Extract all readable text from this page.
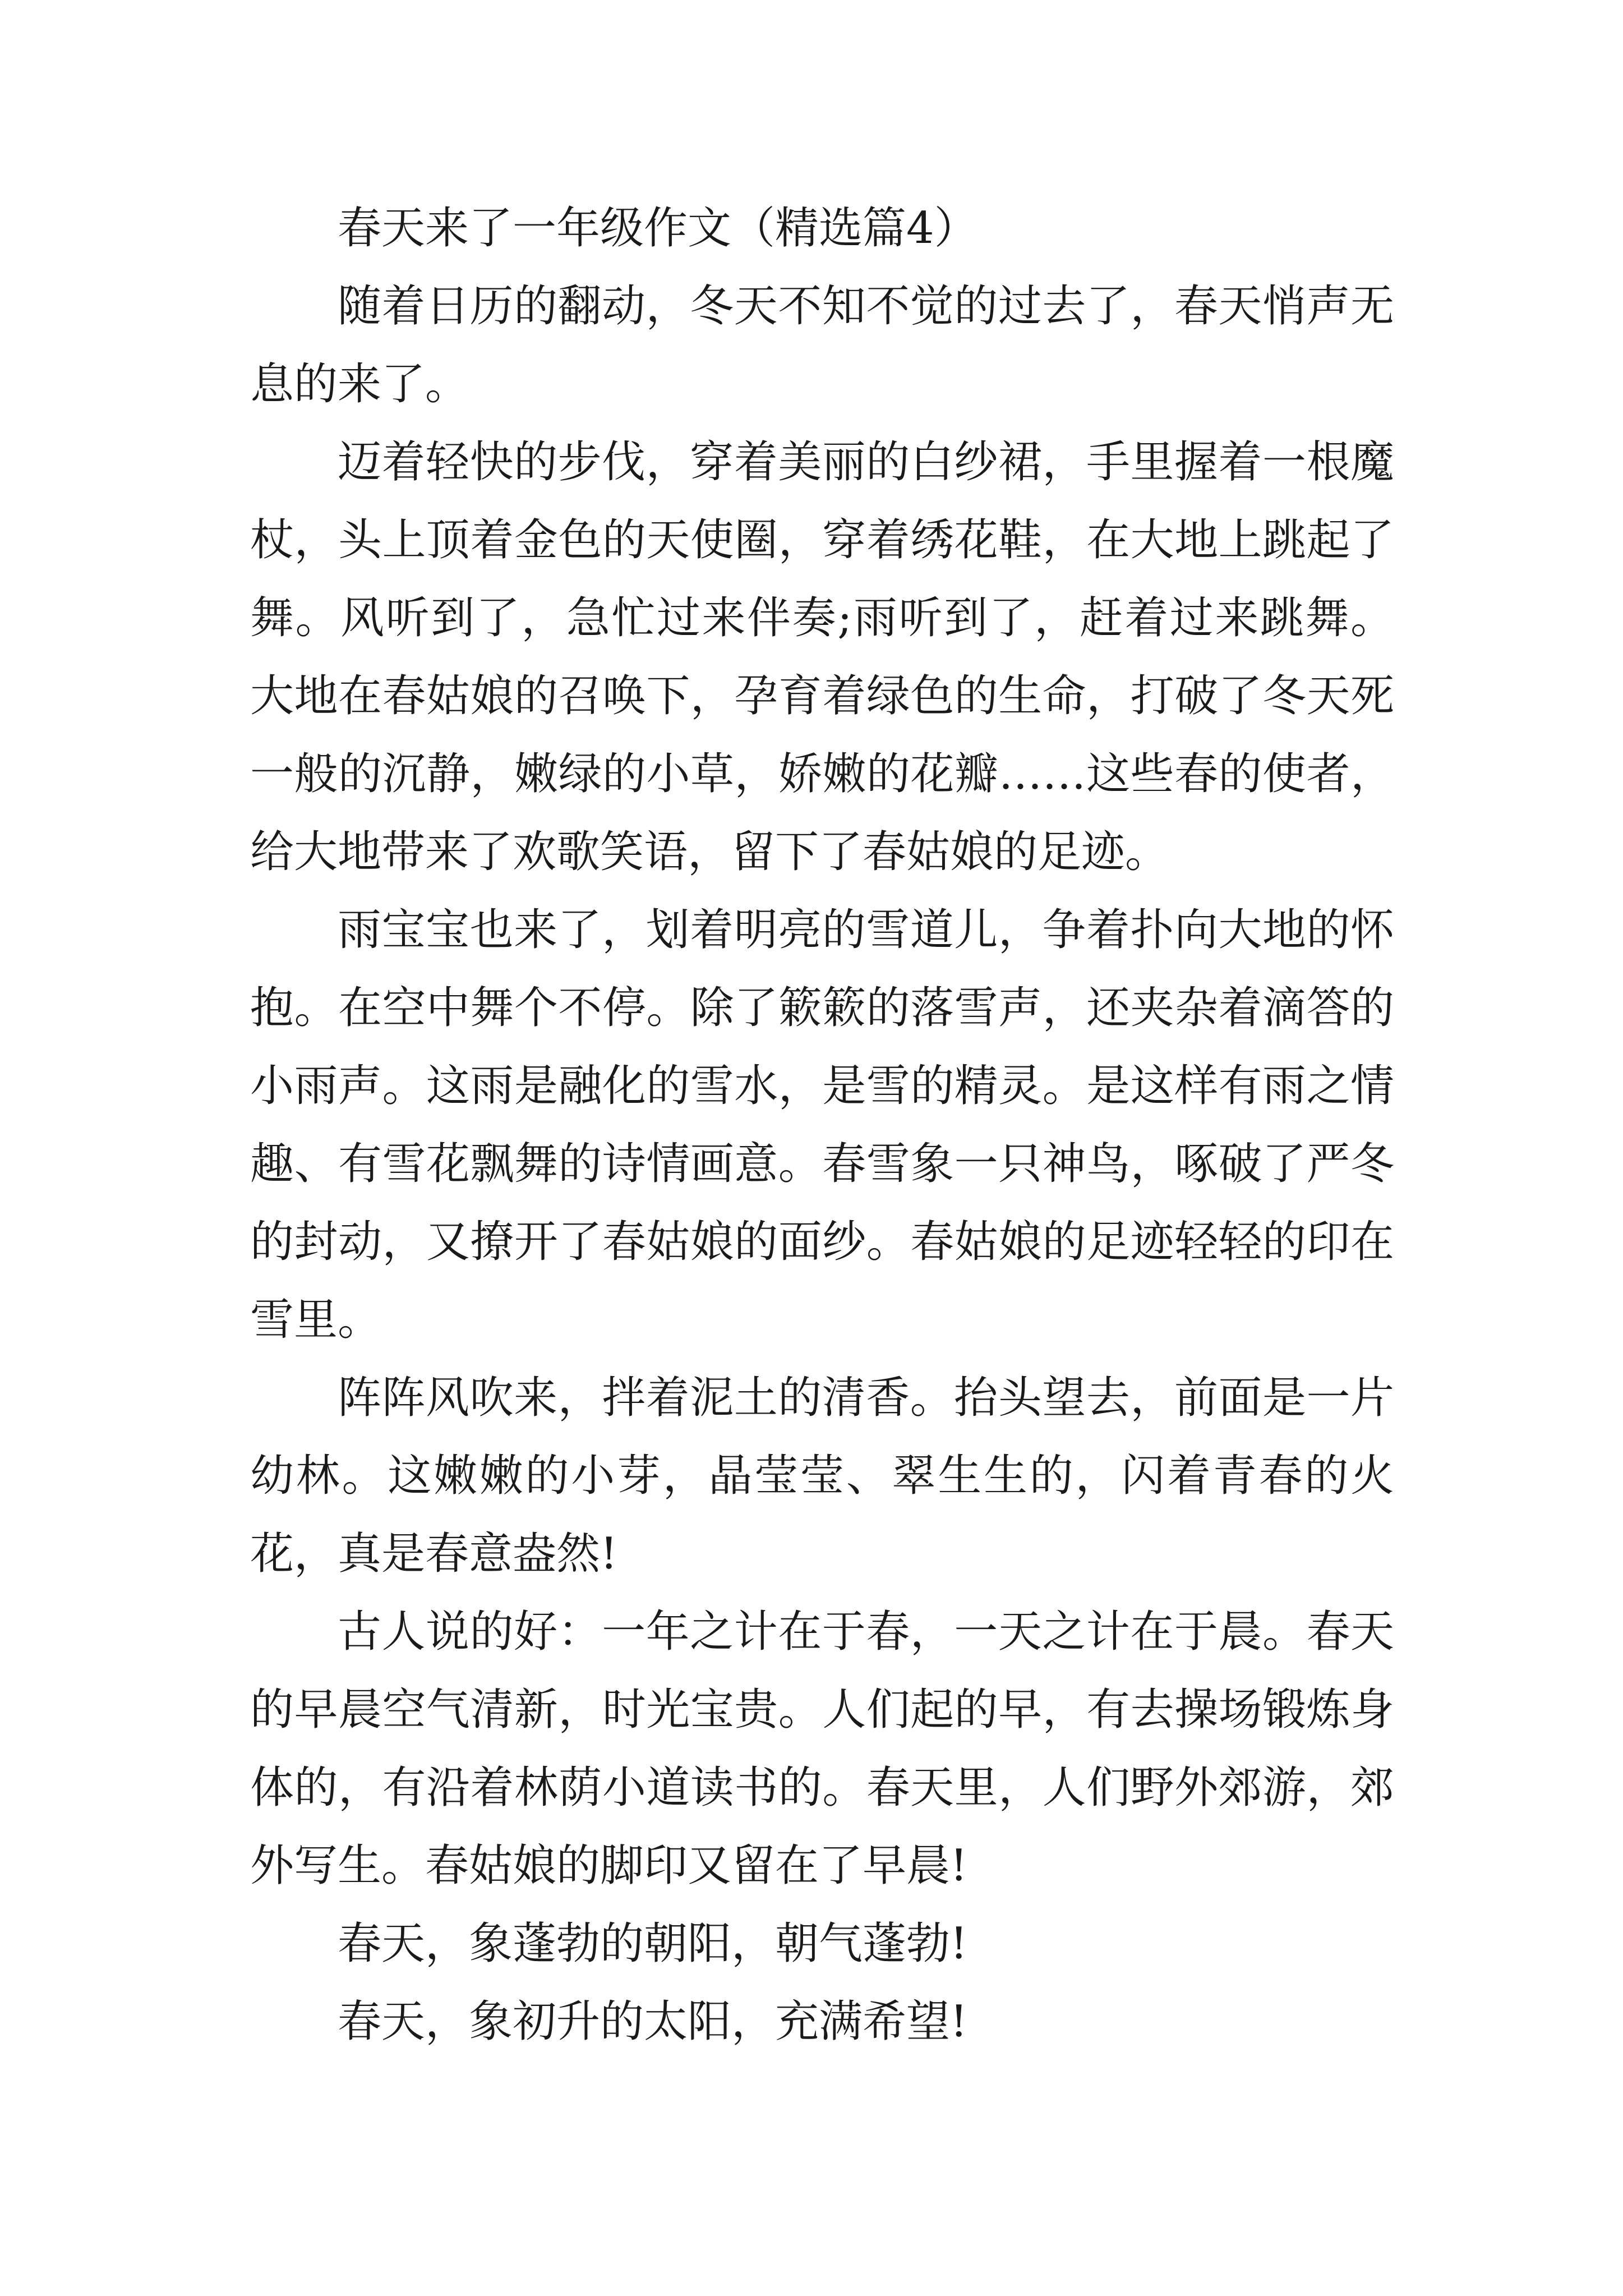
春天来了一年级作文（精选篇4）

随着日历的翻动，冬天不知不觉的过去了，春天悄声无息的来了。

迈着轻快的步伐，穿着美丽的白纱裙，手里握着一根魔杖，头上顶着金色的天使圈，穿着绣花鞋，在大地上跳起了舞。风听到了，急忙过来伴奏;雨听到了，赶着过来跳舞。大地在春姑娘的召唤下，孕育着绿色的生命，打破了冬天死一般的沉静，嫩绿的小草，娇嫩的花瓣……这些春的使者，给大地带来了欢歌笑语，留下了春姑娘的足迹。

雨宝宝也来了，划着明亮的雪道儿，争着扑向大地的怀抱。在空中舞个不停。除了簌簌的落雪声，还夹杂着滴答的小雨声。这雨是融化的雪水，是雪的精灵。是这样有雨之情趣、有雪花飘舞的诗情画意。春雪象一只神鸟，啄破了严冬的封动，又撩开了春姑娘的面纱。春姑娘的足迹轻轻的印在雪里。

阵阵风吹来，拌着泥土的清香。抬头望去，前面是一片幼林。这嫩嫩的小芽，晶莹莹、翠生生的，闪着青春的火花，真是春意盎然!

古人说的好：一年之计在于春，一天之计在于晨。春天的早晨空气清新，时光宝贵。人们起的早，有去操场锻炼身体的，有沿着林荫小道读书的。春天里，人们野外郊游，郊外写生。春姑娘的脚印又留在了早晨!

春天，象蓬勃的朝阳，朝气蓬勃!

春天，象初升的太阳，充满希望!
